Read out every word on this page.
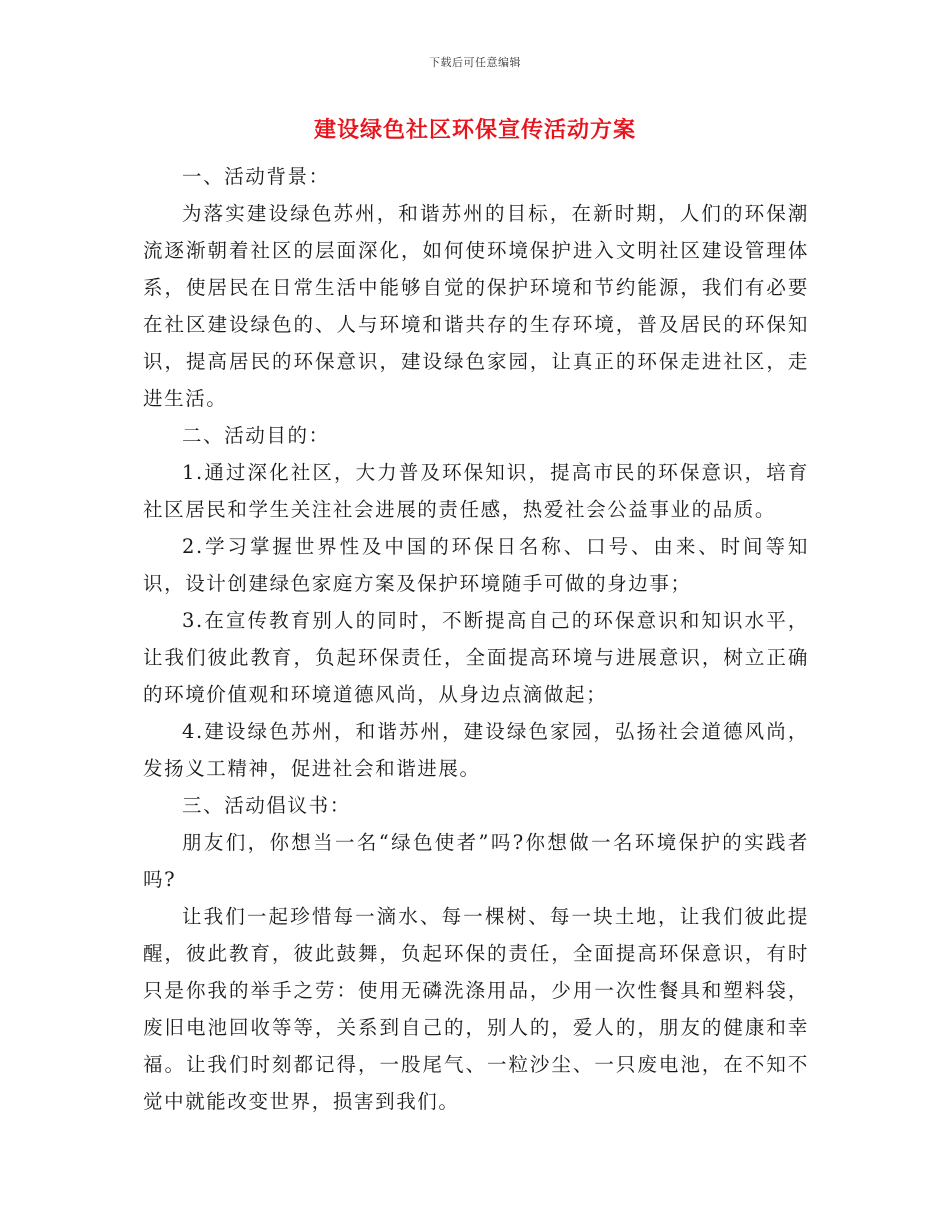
下载后可任意编辑
建设绿色社区环保宣传活动方案

一、活动背景：

为落实建设绿色苏州，和谐苏州的目标，在新时期，人们的环保潮流逐渐朝着社区的层面深化，如何使环境保护进入文明社区建设管理体系，使居民在日常生活中能够自觉的保护环境和节约能源，我们有必要在社区建设绿色的、人与环境和谐共存的生存环境，普及居民的环保知识，提高居民的环保意识，建设绿色家园，让真正的环保走进社区，走进生活。

二、活动目的：

1.通过深化社区，大力普及环保知识，提高市民的环保意识，培育社区居民和学生关注社会进展的责任感，热爱社会公益事业的品质。

2.学习掌握世界性及中国的环保日名称、口号、由来、时间等知识，设计创建绿色家庭方案及保护环境随手可做的身边事；

3.在宣传教育别人的同时，不断提高自己的环保意识和知识水平，让我们彼此教育，负起环保责任，全面提高环境与进展意识，树立正确的环境价值观和环境道德风尚，从身边点滴做起；

4.建设绿色苏州，和谐苏州，建设绿色家园，弘扬社会道德风尚，发扬义工精神，促进社会和谐进展。

三、活动倡议书：

朋友们，你想当一名“绿色使者”吗?你想做一名环境保护的实践者吗?

让我们一起珍惜每一滴水、每一棵树、每一块土地，让我们彼此提醒，彼此教育，彼此鼓舞，负起环保的责任，全面提高环保意识，有时只是你我的举手之劳：使用无磷洗涤用品，少用一次性餐具和塑料袋，废旧电池回收等等，关系到自己的，别人的，爱人的，朋友的健康和幸福。让我们时刻都记得，一股尾气、一粒沙尘、一只废电池，在不知不觉中就能改变世界，损害到我们。
